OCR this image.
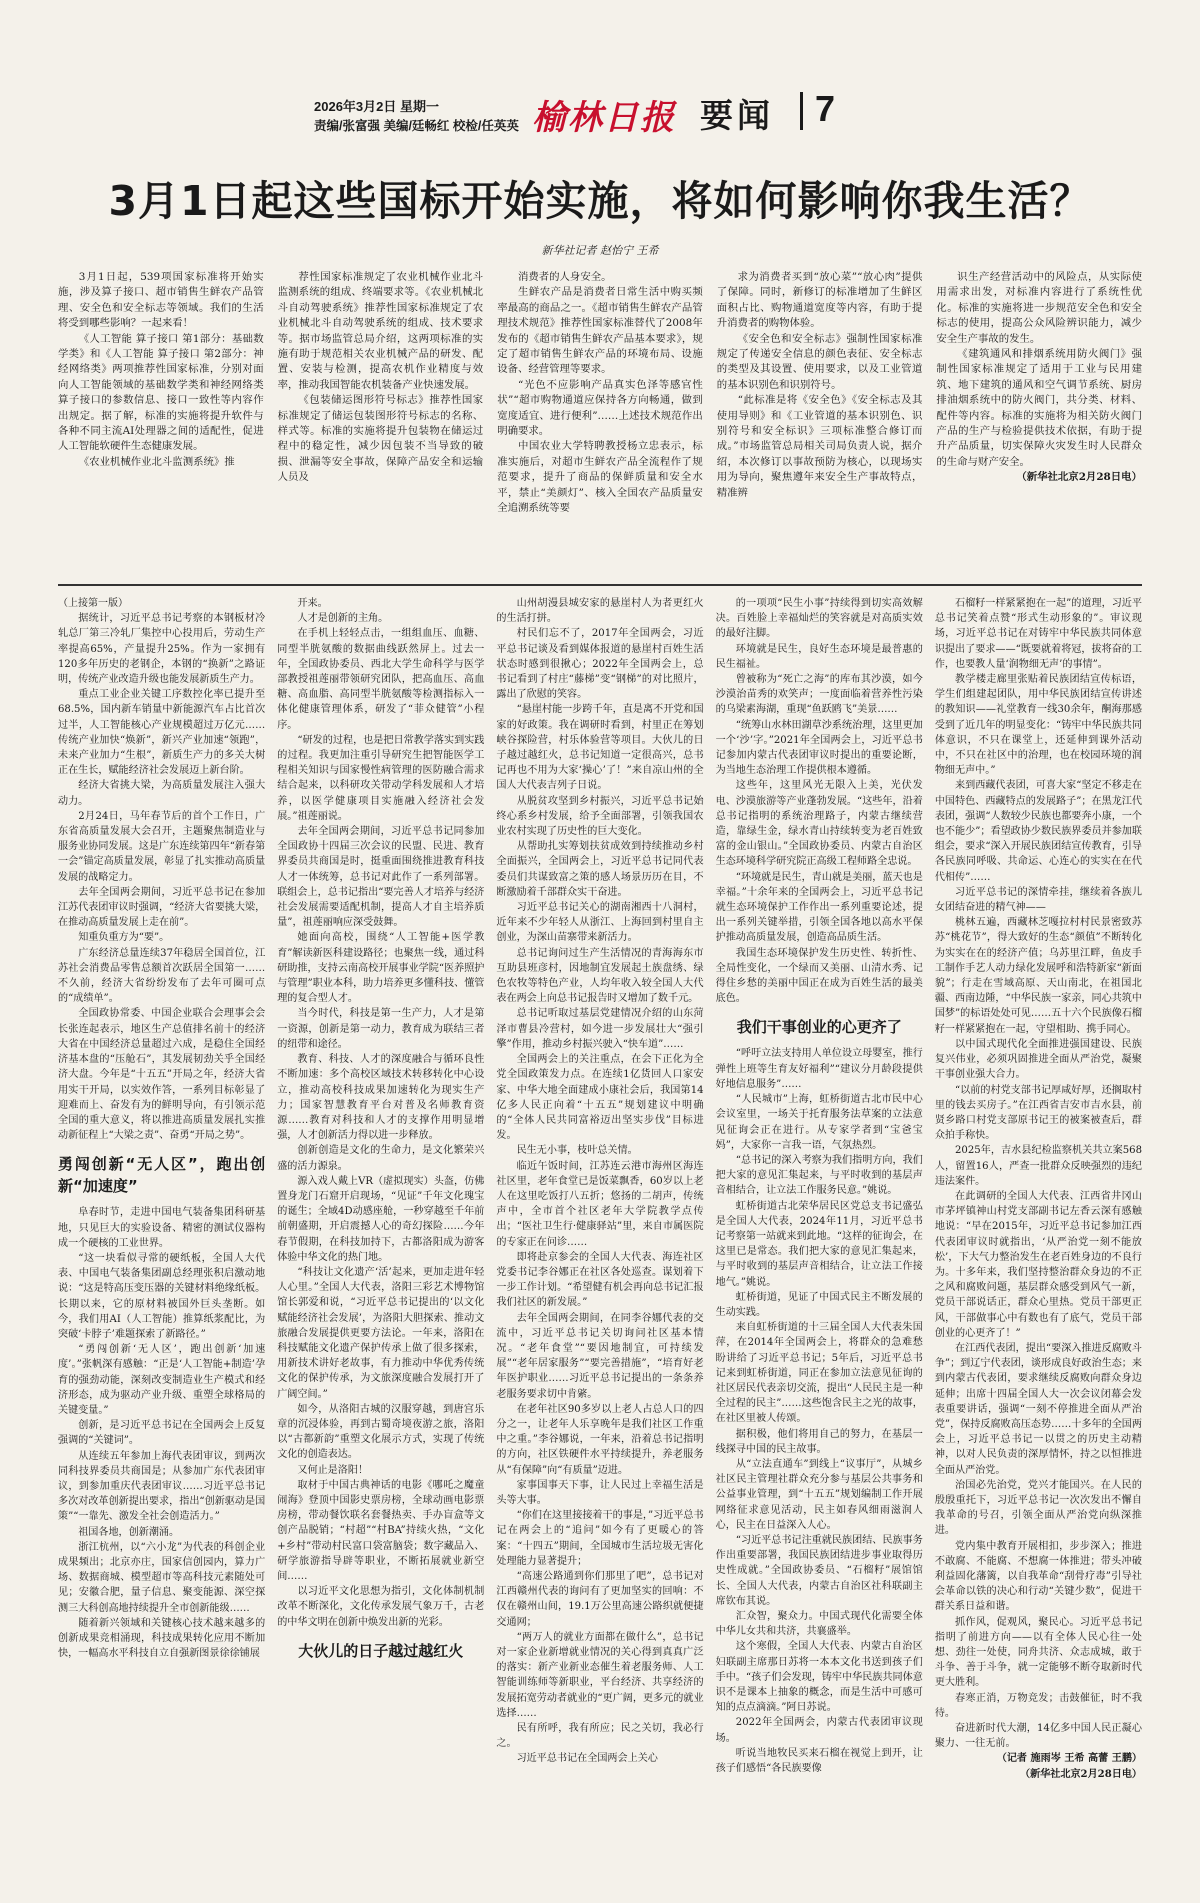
2026年3月2日 星期一
责编/张富强 美编/廷畅红 校检/任英英 榆林日报 要闻 7
3月1日起这些国标开始实施，将如何影响你我生活？
新华社记者 赵怡宁 王希

3月1日起，539项国家标准将开始实施，涉及算子接口、超市销售生鲜农产品管理、安全色和安全标志等领域。我们的生活将受到哪些影响？一起来看！

《人工智能 算子接口 第1部分：基础数学类》和《人工智能 算子接口 第2部分：神经网络类》两项推荐性国家标准，分别对面向人工智能领域的基础数学类和神经网络类算子接口的参数信息、接口一致性等内容作出规定。据了解，标准的实施将提升软件与各种不同主流AI处理器之间的适配性，促进人工智能软硬件生态健康发展。

《农业机械作业北斗监测系统》推

荐性国家标准规定了农业机械作业北斗监测系统的组成、终端要求等。《农业机械北斗自动驾驶系统》推荐性国家标准规定了农业机械北斗自动驾驶系统的组成、技术要求等。据市场监管总局介绍，这两项标准的实施有助于规范相关农业机械产品的研发、配置、安装与检测，提高农机作业精度与效率，推动我国智能农机装备产业快速发展。

《包装储运图形符号标志》推荐性国家标准规定了储运包装图形符号标志的名称、样式等。标准的实施将提升包装物在储运过程中的稳定性，减少因包装不当导致的破损、泄漏等安全事故，保障产品安全和运输人员及

消费者的人身安全。

生鲜农产品是消费者日常生活中购买频率最高的商品之一。《超市销售生鲜农产品管理技术规范》推荐性国家标准替代了2008年发布的《超市销售生鲜农产品基本要求》，规定了超市销售生鲜农产品的环境布局、设施设备、经营管理等要求。

“光色不应影响产品真实色泽等感官性状”“超市购物通道应保持各方向畅通，做到宽度适宜、进行便利”……上述技术规范作出明确要求。

中国农业大学特聘教授杨立忠表示，标准实施后，对超市生鲜农产品全流程作了规范要求，提升了商品的保鲜质量和安全水平，禁止“美颜灯”、核入全国农产品质量安全追溯系统等要

求为消费者买到“放心菜”“放心肉”提供了保障。同时，新修订的标准增加了生鲜区面积占比、购物通道宽度等内容，有助于提升消费者的购物体验。

《安全色和安全标志》强制性国家标准规定了传递安全信息的颜色表征、安全标志的类型及其设置、使用要求，以及工业管道的基本识别色和识别符号。

“此标准是将《安全色》《安全标志及其使用导则》和《工业管道的基本识别色、识别符号和安全标识》三项标准整合修订而成。”市场监管总局相关司局负责人说，据介绍，本次修订以事故预防为核心，以现场实用为导向，聚焦遵年来安全生产事故特点，精准辨

识生产经营活动中的风险点，从实际使用需求出发，对标准内容进行了系统性优化。标准的实施将进一步规范安全色和安全标志的使用，提高公众风险辨识能力，减少安全生产事故的发生。

《建筑通风和排烟系统用防火阀门》强制性国家标准规定了适用于工业与民用建筑、地下建筑的通风和空气调节系统、厨房排油烟系统中的防火阀门，共分类、材料、配件等内容。标准的实施将为相关防火阀门产品的生产与检验提供技术依据，有助于提升产品质量，切实保障火灾发生时人民群众的生命与财产安全。

（新华社北京2月28日电）
（上接第一版）

据统计，习近平总书记考察的本钢板材冷轧总厂第三冷轧厂集控中心投用后，劳动生产率提高65%，产量提升25%。作为一家拥有120多年历史的老钢企，本钢的“换新”之路证明，传统产业改造升级也能发展新质生产力。

重点工业企业关键工序数控化率已提升至68.5%，国内新车销量中新能源汽车占比首次过半，人工智能核心产业规模超过万亿元……传统产业加快“焕新”，新兴产业加速“领跑”，未来产业加力“生根”，新质生产力的多关大树正在生长，赋能经济社会发展迈上新台阶。

经济大省挑大梁，为高质量发展注入强大动力。

2月24日，马年春节后的首个工作日，广东省高质量发展大会召开，主题聚焦制造业与服务业协同发展。这是广东连续第四年“新春第一会”锚定高质量发展，彰显了扎实推动高质量发展的战略定力。

去年全国两会期间，习近平总书记在参加江苏代表团审议时强调，“经济大省要挑大梁，在推动高质量发展上走在前”。

知重负重方为“要”。

广东经济总量连续37年稳居全国首位，江苏社会消费品零售总额首次跃居全国第一……不久前，经济大省纷纷发布了去年可圈可点的“成绩单”。

全国政协常委、中国企业联合会理事会会长张连起表示，地区生产总值排名前十的经济大省在中国经济总量超过六成，是稳住全国经济基本盘的“压舱石”，其发展韧劲关乎全国经济大盘。今年是“十五五”开局之年，经济大省用实干开局，以实效作答，一系列目标彰显了迎难而上、奋发有为的鲜明导向，有引领示范全国的重大意义，将以推进高质量发展扎实推动新征程上“大梁之责”、奋勇“开局之势”。

勇闯创新“无人区”，跑出创新“加速度”

阜春时节，走进中国电气装备集团科研基地，只见巨大的实验设备、精密的测试仪器构成一个硬核的工业世界。

“这一块看似寻常的硬纸板，全国人大代表、中国电气装备集团副总经理张积启激动地说：“这是特高压变压器的关键材料绝缘纸板。长期以来，它的原材料被国外巨头垄断。如今，我们用AI（人工智能）推算纸浆配比，为突破‘卡脖子’难题探索了新路径。”

“勇闯创新‘无人区’，跑出创新‘加速度’。”张帆深有感触：“正是‘人工智能+制造’孕育的强劲动能，深刻改变制造业生产模式和经济形态，成为驱动产业升级、重塑全球格局的关键变量。”

创新，是习近平总书记在全国两会上反复强调的“关键词”。

从连续五年参加上海代表团审议，到两次同科技界委员共商国是；从参加广东代表团审议，到参加重庆代表团审议……习近平总书记多次对改革创新提出要求，指出“创新驱动是国策”“一靠先、激发全社会创造活力。”

祖国各地，创新潮涌。

浙江杭州，以“六小龙”为代表的科创企业成果频出；北京亦庄，国家信创园内，算力广场、数据商城、模型超市等高科技元素随处可见；安徽合肥，量子信息、聚变能源、深空探测三大科创高地持续提升全市创新能级……

随着新兴领域和关键核心技术越来越多的创新成果竞相涌现，科技成果转化应用不断加快，一幅高水平科技自立自强新图景徐徐铺展

开来。

人才是创新的主角。

在手机上轻轻点击，一组组血压、血糖、同型半胱氨酸的数据曲线跃然屏上。过去一年，全国政协委员、西北大学生命科学与医学部教授祖莲丽带领研究团队，把高血压、高血糖、高血脂、高同型半胱氨酸等检测指标入一体化健康管理体系，研发了“菲众健管”小程序。

“研发的过程，也是把日常教学落实到实践的过程。我更加注重引导研究生把智能医学工程相关知识与国家慢性病管理的医防融合需求结合起来，以科研攻关带动学科发展和人才培养，以医学健康项目实施融入经济社会发展。”祖莲丽说。

去年全国两会期间，习近平总书记同参加全国政协十四届三次会议的民盟、民进、教育界委员共商国是时，挺重面围绕推进教育科技人才一体统筹，总书记对此作了一系列部署。联组会上，总书记指出“要完善人才培养与经济社会发展需要适配机制，提高人才自主培养质量”，祖莲丽响应深受鼓舞。

她面向高校，围绕“人工智能+医学教育”解读新医科建设路径；也聚焦一线，通过科研助推，支持云南高校开展事业学院“医养照护与管理”职业本科，助力培养更多懂科技、懂管理的复合型人才。

当今时代，科技是第一生产力，人才是第一资源，创新是第一动力，教育成为联结三者的纽带和途径。

教育、科技、人才的深度融合与循环良性不断加速：多个高校区域技术转移转化中心设立，推动高校科技成果加速转化为现实生产力；国家智慧教育平台对普及名师教育资源……教育对科技和人才的支撑作用明显增强，人才创新活力得以进一步释放。

创新创造是文化的生命力，是文化繁荣兴盛的活力源泉。

源入戏人戴上VR（虚拟现实）头盔，仿佛置身龙门石窟开启现场，“见证”千年文化瑰宝的诞生；全域4D动感座舱，一秒穿越至千年前前朝盛期，开启震撼人心的奇幻探险……今年春节假期，在科技加持下，古都洛阳成为游客体验中华文化的热门地。

“科技让文化遗产‘活’起来，更加走进年轻人心里。”全国人大代表，洛阳三彩艺术博物馆馆长郭爱和说，“习近平总书记提出的‘以文化赋能经济社会发展’，为洛阳大胆探索、推动文旅融合发展提供更要方法论。一年来，洛阳在科技赋能文化遗产保护传承上做了很多探索，用新技术讲好老故事，有力推动中华优秀传统文化的保护传承，为文旅深度融合发展打开了广阔空间。”

如今，从洛阳古城的汉服穿越，到唐宫乐章的沉浸体验，再到古蜀奇境夜游之旅，洛阳以“古都新韵”重塑文化展示方式，实现了传统文化的创造表达。

又何止是洛阳！

取材于中国古典神话的电影《哪吒之魔童闹海》登顶中国影史票房榜，全球动画电影票房榜，带动餐饮联名套餐热卖、手办盲盒等文创产品脱销；“村超”“村BA”持续火热，“文化+乡村”带动村民富口袋富脑袋；数字藏品入、研学旅游指导辟等职业，不断拓展就业新空间……

以习近平文化思想为指引，文化体制机制改革不断深化，文化传承发展气象万千，古老的中华文明在创新中焕发出新的光彩。

大伙儿的日子越过越红火

山州胡漫县城安家的悬崖村人为者更红火的生活打拼。

村民们忘不了，2017年全国两会，习近平总书记谈及看到媒体报道的悬崖村百姓生活状态时感到很揪心；2022年全国两会上，总书记看到了村庄“藤梯”变“钢梯”的对比照片，露出了欣慰的笑容。

“悬崖村能一步跨千年，直是离不开党和国家的好政策。我在调研时看到，村里正在筹划峡谷探险营，村乐体验营等项目。大伙儿的日子越过越红火，总书记知道一定很高兴，总书记再也不用为大家‘操心’了！”来自凉山州的全国人大代表吉列子日说。

从脱贫攻坚到乡村振兴，习近平总书记始终心系乡村发展，给予全面部署，引领我国农业农村实现了历史性的巨大变化。

从帮助扎实筹划扶贫成效到持续推动乡村全面振兴，全国两会上，习近平总书记同代表委员们共谋致富之策的感人场景历历在目，不断激励着千部群众实干奋进。

习近平总书记关心的湖南湘西十八洞村，近年来不少年轻人从浙江、上海回到村里自主创业，为深山苗寨带来新活力。

总书记询问过生产生活情况的青海海东市互助县班彦村，因地制宜发展起土族盘绣、绿色农牧等特色产业，人均年收入较全国人大代表在两会上向总书记报告时又增加了数千元。

总书记听取过基层党建情况介绍的山东菏泽市曹县冷营村，如今进一步发展壮大“强引擎”作用，推动乡村振兴驶入“快车道”……

全国两会上的关注重点，在会下正化为全党全国政策发力点。在连续1亿货回人口家安家、中华大地全面建成小康社会后，我国第14亿多人民正向着“十五五”规划建议中明确的“全体人民共同富裕迈出坚实步伐”目标进发。

民生无小事，枝叶总关情。

临近午饭时间，江苏连云港市海州区海连社区里，老年食堂已是饭菜飘香，60岁以上老人在这里吃饭打八五折；悠扬的二胡声，传统声中，全市首个社区老年大学院教学点传出；“医社卫生行·健康驿站”里，来自市属医院的专家正在问诊……

即将赴京参会的全国人大代表、海连社区党委书记李谷娜正在社区各处巡查。谋划着下一步工作计划。“希望健有机会再向总书记汇报我们社区的新发展。”

去年全国两会期间，在同李谷娜代表的交流中，习近平总书记关切询问社区基本情况。“老年食堂”“要因地制宜，可持续发展”“老年居家服务”“要完善措施”，“培育好老年医护职业……习近平总书记提出的一条条养老服务要求切中肯綮。

在老年社区90多岁以上老人占总人口的四分之一，让老年人乐享晚年是我们社区工作重中之重。”李谷娜说，一年来，沿着总书记指明的方向，社区铁硬件水平持续提升，养老服务从“有保障”向“有质量”迈进。

家事国事天下事，让人民过上幸福生活是头等大事。

“你们在这里接接着干的事是，”习近平总书记在两会上的“追问”如今有了更暖心的答案：“十四五”期间，全国城市生活垃圾无害化处理能力显著提升；

“高速公路通到你们那里了吧”，总书记对江西赣州代表的询问有了更加坚实的回响：不仅在赣州山间，19.1万公里高速公路织就便捷交通网；

“两万人的就业方面都在做什么”，总书记对一家企业新增就业情况的关心得到真真广泛的落实：新产业新业态催生着老服务师、人工智能训练师等新职业，平台经济、共享经济的发展拓宽劳动者就业的“更广阔，更多元的就业选择……

民有所呼，我有所应；民之关切，我必行之。

习近平总书记在全国两会上关心

的一项项“民生小事”持续得到切实高效解决。百姓脸上幸福灿烂的笑容就是对高质实效的最好注脚。

环境就是民生，良好生态环境是最普惠的民生福祉。

曾被称为“死亡之海”的库布其沙漠，如今沙漠治苗秀的欢笑声；一度面临着营养性污染的乌梁素海湖，重现“鱼跃鸥飞”美景……

“统筹山水林田湖草沙系统治理，这里更加一个‘沙’字。”2021年全国两会上，习近平总书记参加内蒙古代表团审议时提出的重要论断，为当地生态治理工作提供根本遵循。

这些年，这里风光无限入上美，光伏发电、沙漠旅游等产业蓬勃发展。“这些年，沿着总书记指明的系统治理路子，内蒙古继续营造，靠绿生金，绿水青山持续转变为老百姓致富的金山银山。”全国政协委员、内蒙古自治区生态环境科学研究院正高级工程师路全忠说。

“环境就是民生，青山就是美丽，蓝天也是幸福。”十余年来的全国两会上，习近平总书记就生态环境保护工作作出一系列重要论述，提出一系列关键举措，引领全国各地以高水平保护推动高质量发展，创造高品质生活。

我国生态环境保护发生历史性、转折性、全局性变化，一个绿而又美丽、山清水秀、记得住乡愁的美丽中国正在成为百姓生活的最美底色。

我们干事创业的心更齐了

“呼吁立法支持用人单位设立母婴室，推行弹性上班等生育友好福利”“建议分月龄段提供好地信息服务”……

“人民城市”上海，虹桥街道古北市民中心会议室里，一场关于托育服务法草案的立法意见征询会正在进行。从专家学者到“宝爸宝妈”，大家你一言我一语，气氛热烈。

“总书记的深入考察为我们指明方向，我们把大家的意见汇集起来，与平时收到的基层声音相结合，让立法工作服务民意。”姚说。

虹桥街道古北荣华居民区党总支书记盛弘是全国人大代表，2024年11月，习近平总书记考察第一站就来到此地。“这样的征询会，在这里已是常态。我们把大家的意见汇集起来，与平时收到的基层声音相结合，让立法工作接地气。”姚说。

虹桥街道，见证了中国式民主不断发展的生动实践。

来自虹桥街道的十三届全国人大代表朱国萍，在2014年全国两会上，将群众的急难愁盼讲给了习近平总书记；5年后，习近平总书记来到虹桥街道，同正在参加立法意见征询的社区居民代表亲切交流，提出“人民民主是一种全过程的民主”……这些饱含民主之光的故事，在社区里被人传颂。

据积极，他们将用自己的努力，在基层一线探寻中国的民主故事。

从“立法直通车”到线上“议事厅”，从城乡社区民主管理社群众充分参与基层公共事务和公益事业管理，到“十五五”规划编制工作开展网络征求意见活动，民主如春风细雨滋润人心，民主在日益深入人心。

“习近平总书记注重就民族团结、民族事务作出重要部署，我国民族团结进步事业取得历史性成就。”全国政协委员、“石榴籽”展馆馆长、全国人大代表，内蒙古自治区社科联副主席钦布其说。

汇众智，聚众力。中国式现代化需要全体中华儿女共和共济，共襄盛举。

这个寒假，全国人大代表、内蒙古自治区妇联副主席那日苏将一本本文化书送到孩子们手中。“孩子们会发现，铸牢中华民族共同体意识不是课本上抽象的概念，而是生活中可感可知的点点滴滴。”阿日苏说。

2022年全国两会，内蒙古代表团审议现场。

听说当地牧民买来石榴在视觉上到开，让孩子们感悟“各民族要像

石榴籽一样紧紧抱在一起”的道理，习近平总书记笑着点赞“形式生动形象的”。审议现场，习近平总书记在对铸牢中华民族共同体意识提出了要求——“既要就着将冠，拔将奋的工作，也要教人量‘润物细无声’的事情”。

教学楼走廊里张贴着民族团结宣传标语，学生们组建起团队，用中华民族团结宣传讲述的教知识——礼堂教育一线30余年，酮海那感受到了近几年的明显变化：“铸牢中华民族共同体意识，不只在课堂上，还延伸到课外活动中，不只在社区中的治理，也在校园环境的润物细无声中。”

来到西藏代表团，可喜大家“坚定不移走在中国特色、西藏特点的发展路子”；在黑龙江代表团，强调“人数较少民族也都要奔小康，一个也不能少”；看望政协少数民族界委员并参加联组会，要求“深入开展民族团结宣传教育，引导各民族同呼吸、共命运、心连心的实实在在代代相传”……

习近平总书记的深情牵挂，继续着各族儿女团结奋进的精气神——

桃林五遍，西藏林芝嘎拉村村民景密致苏苏“桃花节”，得大致好的生态“颜值”不断转化为实实在在的经济产值；乌苏里江畔，鱼皮手工制作手艺人动力绿化发展呼和浩特新家“新面貌”；行走在雪域高原、天山南北，在祖国北疆、西南边陲，“中华民族一家亲，同心共筑中国梦”的标语处处可见……五十六个民族像石榴籽一样紧紧抱在一起，守望相助、携手同心。

以中国式现代化全面推进强国建设、民族复兴伟业，必须巩固推进全面从严治党，凝聚干事创业强大合力。

“以前的村党支部书记厚咸好厚，还搁取村里的钱去买房子。”在江西省吉安市吉水县，前贤乡路口村党支部原书记王的被案被查后，群众拍手称快。

2025年，吉水县纪检监察机关共立案568人，留置16人，严查一批群众反映强烈的违纪违法案件。

在此调研的全国人大代表、江西省井冈山市茅坪镇神山村党支部副书记左香云深有感触地说：“早在2015年，习近平总书记参加江西代表团审议时就指出，‘从严治党一刻不能放松’，下大气力整治发生在老百姓身边的不良行为。十多年来，我们坚持整治群众身边的不正之风和腐败问题，基层群众感受到风气一新，党员干部说话正，群众心里热。党员干部更正风，干部做事心中有数也有了底气，党员干部创业的心更齐了！”

在江西代表团，提出“要深入推进反腐败斗争”；到辽宁代表团，谈形成良好政治生态；来到内蒙古代表团，要求继续反腐败向群众身边延伸；出席十四届全国人大一次会议闭幕会发表重要讲话，强调“一刻不停推进全面从严治党”，保持反腐败高压态势……十多年的全国两会上，习近平总书记一以贯之的历史主动精神，以对人民负责的深厚情怀，持之以恒推进全面从严治党。

治国必先治党，党兴才能国兴。在人民的殷殷重托下，习近平总书记一次次发出不懈自我革命的号召，引领全面从严治党向纵深推进。

党内集中教育开展相扣，步步深入；推进不敢腐、不能腐、不想腐一体推进；带头冲破利益固化藩篱，以自我革命“刮骨疗毒”引导社会革命以铁的决心和行动“关键少数”，促进干群关系日益和谐。

抓作风，促观风，聚民心。习近平总书记指明了前进方向——以有全体人民心往一处想、劲往一处使，同舟共济、众志成城，敢于斗争、善于斗争，就一定能够不断夺取新时代更大胜利。

春寒正消，万物竞发；击鼓催征，时不我待。

奋进新时代大潮，14亿多中国人民正凝心聚力、一往无前。

（记者 施雨岑 王希 高蕾 王鹏）
（新华社北京2月28日电）
